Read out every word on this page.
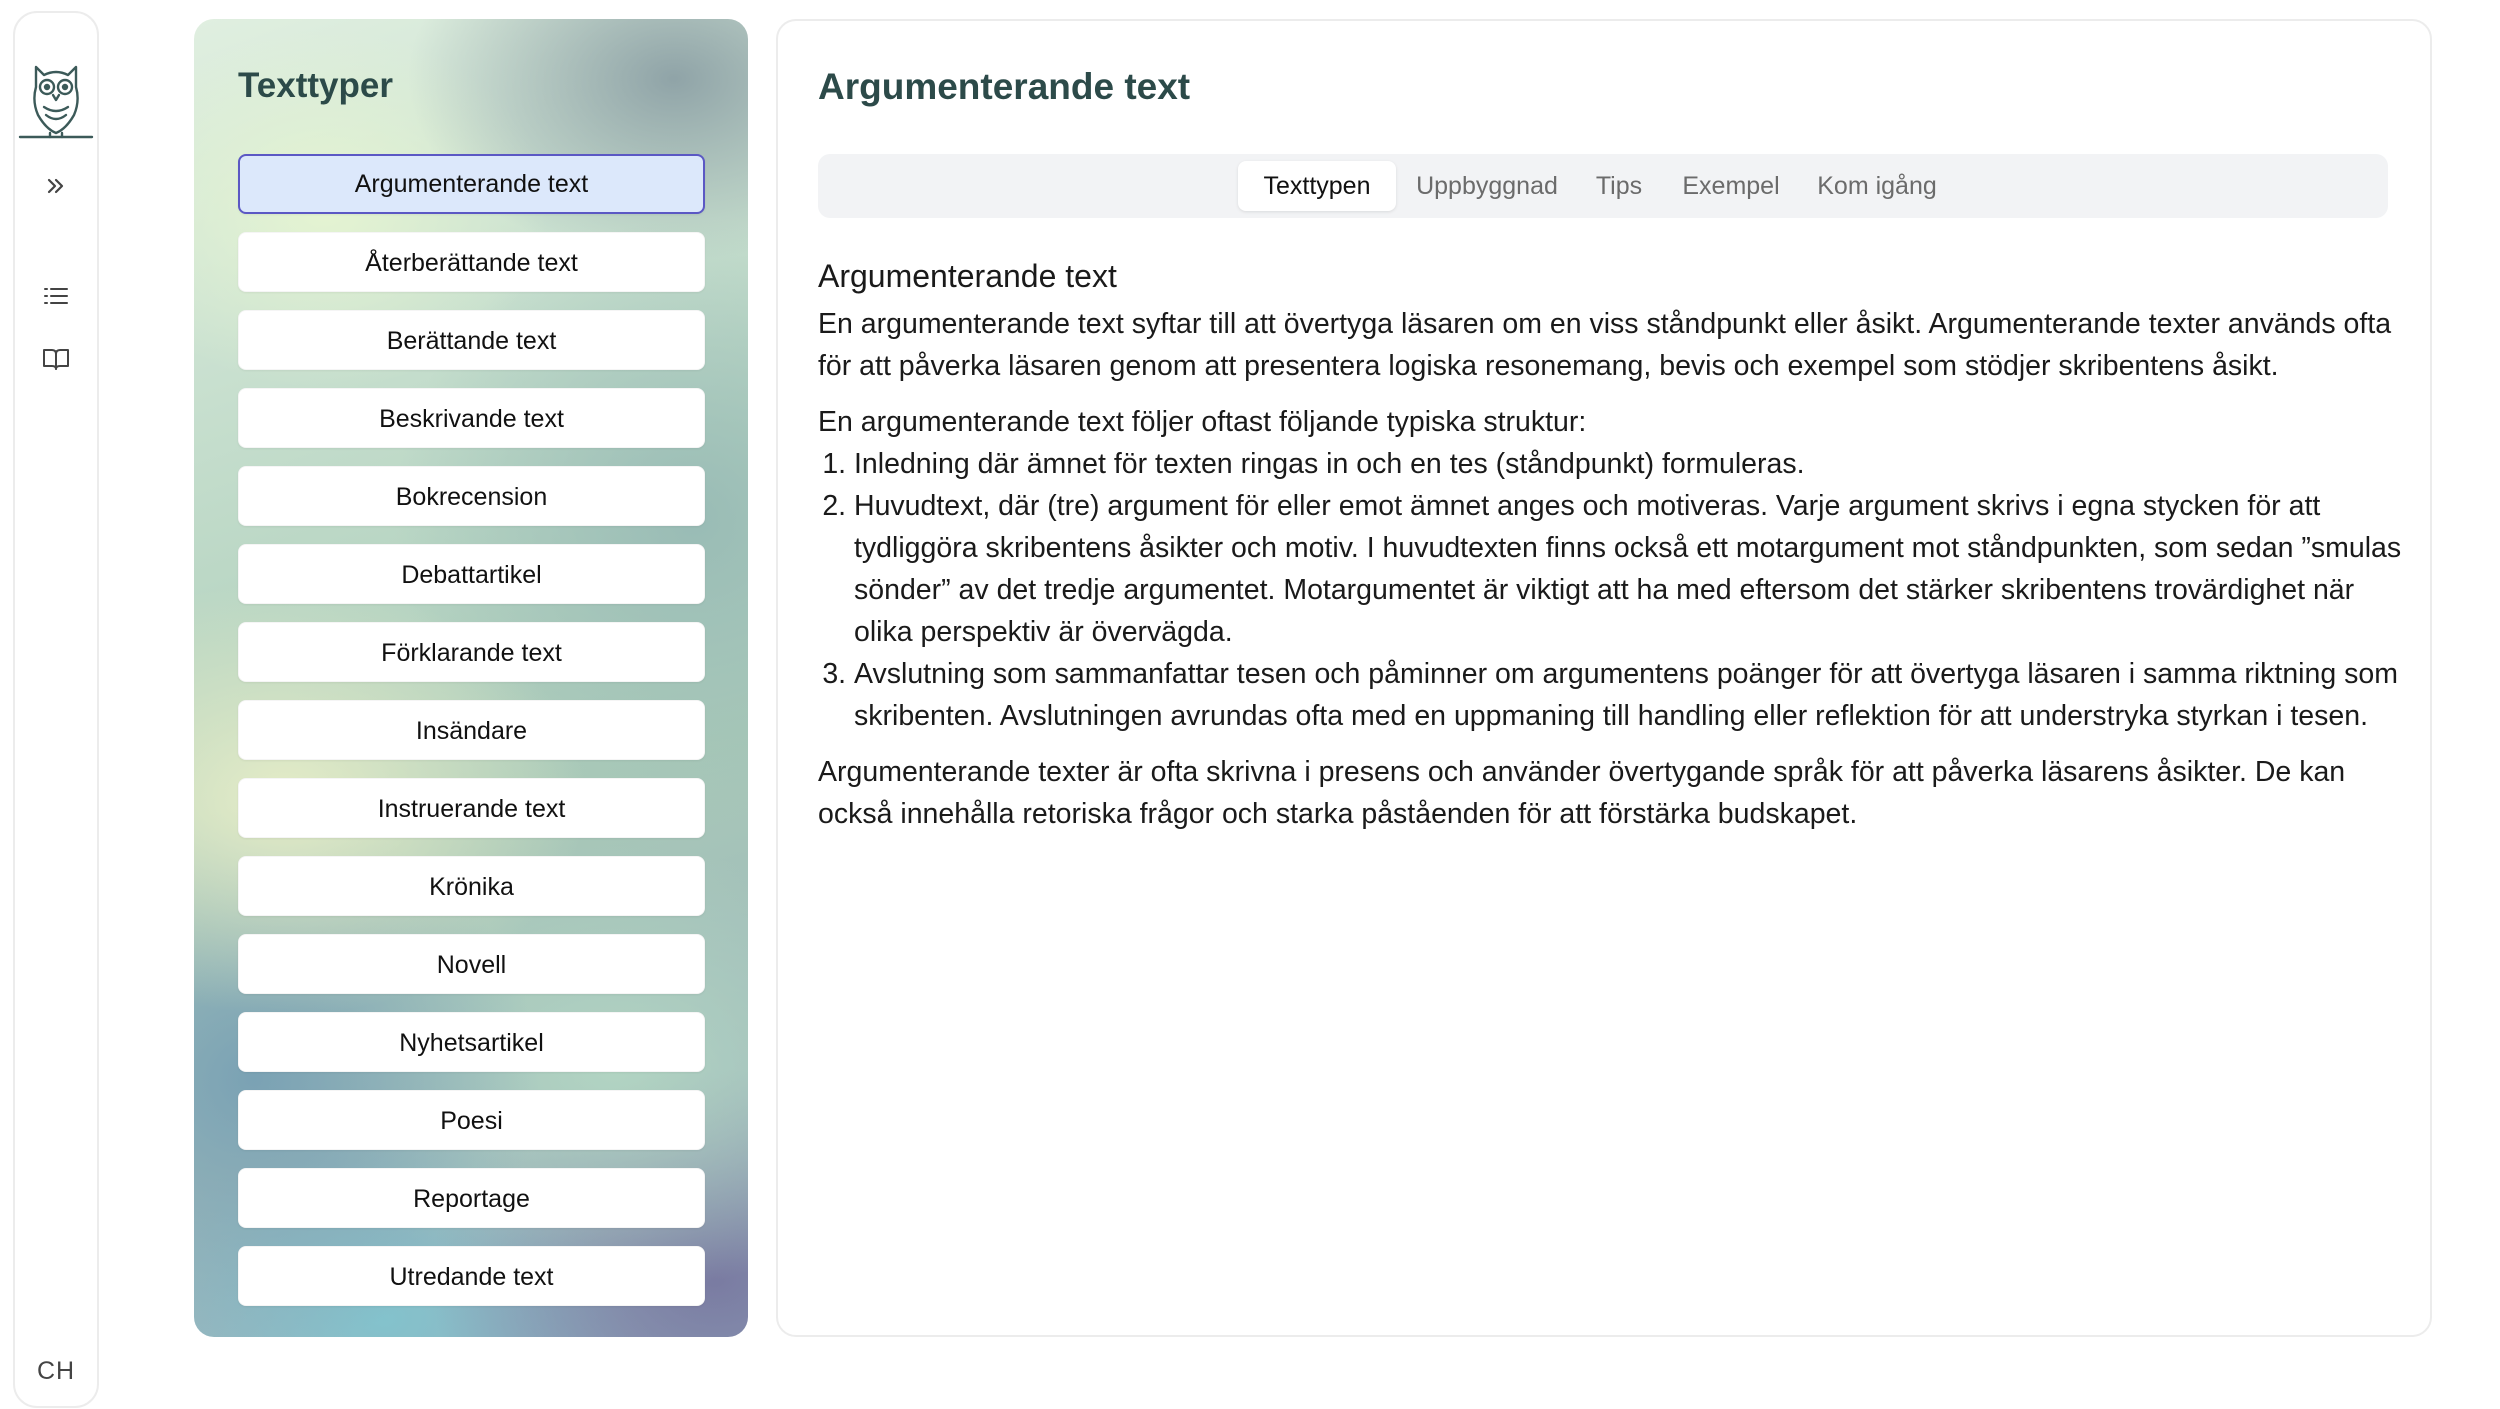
CH
Texttyper
Argumenterande text
Återberättande text
Berättande text
Beskrivande text
Bokrecension
Debattartikel
Förklarande text
Insändare
Instruerande text
Krönika
Novell
Nyhetsartikel
Poesi
Reportage
Utredande text
Argumenterande text
Texttypen	Uppbyggnad	Tips	Exempel	Kom igång
Argumenterande text

En argumenterande text syftar till att övertyga läsaren om en viss ståndpunkt eller åsikt. Argumenterande texter används ofta för att påverka läsaren genom att presentera logiska resonemang, bevis och exempel som stödjer skribentens åsikt.

En argumenterande text följer oftast följande typiska struktur:

1. Inledning där ämnet för texten ringas in och en tes (ståndpunkt) formuleras.
2. Huvudtext, där (tre) argument för eller emot ämnet anges och motiveras. Varje argument skrivs i egna stycken för att tydliggöra skribentens åsikter och motiv. I huvudtexten finns också ett motargument mot ståndpunkten, som sedan ”smulas sönder” av det tredje argumentet. Motargumentet är viktigt att ha med eftersom det stärker skribentens trovärdighet när olika perspektiv är övervägda.
3. Avslutning som sammanfattar tesen och påminner om argumentens poänger för att övertyga läsaren i samma riktning som skribenten. Avslutningen avrundas ofta med en uppmaning till handling eller reflektion för att understryka styrkan i tesen.

Argumenterande texter är ofta skrivna i presens och använder övertygande språk för att påverka läsarens åsikter. De kan också innehålla retoriska frågor och starka påståenden för att förstärka budskapet.
